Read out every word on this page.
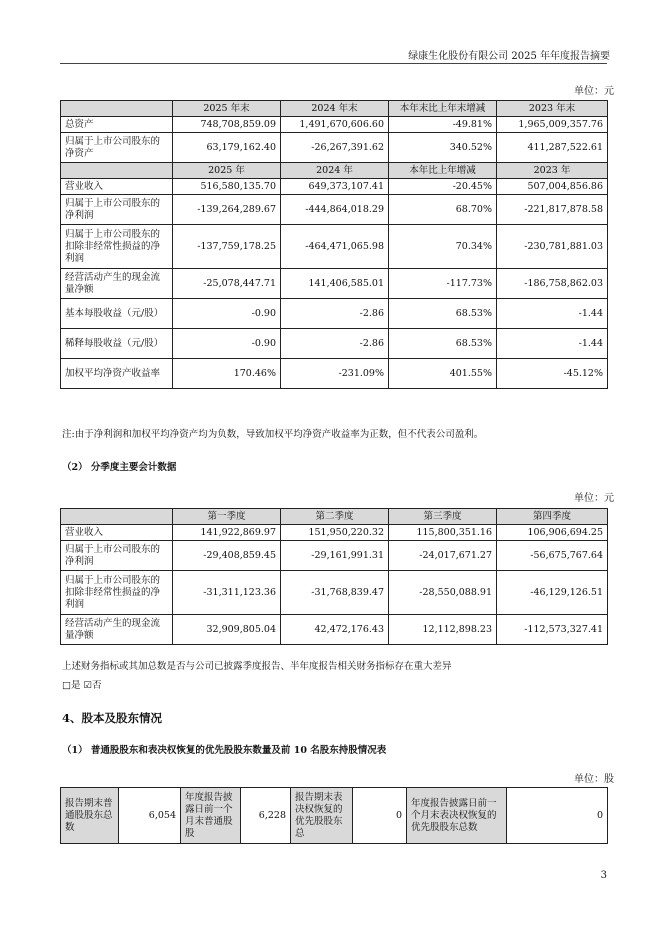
绿康生化股份有限公司 2025 年年度报告摘要
单位：元
	2025 年末	2024 年末	本年末比上年末增减	2023 年末
总资产	748,708,859.09	1,491,670,606.60	-49.81%	1,965,009,357.76
归属于上市公司股东的净资产	63,179,162.40	-26,267,391.62	340.52%	411,287,522.61
	2025 年	2024 年	本年比上年增减	2023 年
营业收入	516,580,135.70	649,373,107.41	-20.45%	507,004,856.86
归属于上市公司股东的净利润	-139,264,289.67	-444,864,018.29	68.70%	-221,817,878.58
归属于上市公司股东的扣除非经常性损益的净利润	-137,759,178.25	-464,471,065.98	70.34%	-230,781,881.03
经营活动产生的现金流量净额	-25,078,447.71	141,406,585.01	-117.73%	-186,758,862.03
基本每股收益（元/股）	-0.90	-2.86	68.53%	-1.44
稀释每股收益（元/股）	-0.90	-2.86	68.53%	-1.44
加权平均净资产收益率	170.46%	-231.09%	401.55%	-45.12%
注:由于净利润和加权平均净资产均为负数，导致加权平均净资产收益率为正数，但不代表公司盈利。
（2） 分季度主要会计数据
单位：元
	第一季度	第二季度	第三季度	第四季度
营业收入	141,922,869.97	151,950,220.32	115,800,351.16	106,906,694.25
归属于上市公司股东的净利润	-29,408,859.45	-29,161,991.31	-24,017,671.27	-56,675,767.64
归属于上市公司股东的扣除非经常性损益的净利润	-31,311,123.36	-31,768,839.47	-28,550,088.91	-46,129,126.51
经营活动产生的现金流量净额	32,909,805.04	42,472,176.43	12,112,898.23	-112,573,327.41
上述财务指标或其加总数是否与公司已披露季度报告、半年度报告相关财务指标存在重大差异
□是 ☑否
4、股本及股东情况
（1） 普通股股东和表决权恢复的优先股股东数量及前 10 名股东持股情况表
单位：股
报告期末普通股股东总数	6,054	年度报告披露日前一个月末普通股股	6,228	报告期末表决权恢复的优先股股东总	0	年度报告披露日前一个月末表决权恢复的优先股股东总数	0
3
